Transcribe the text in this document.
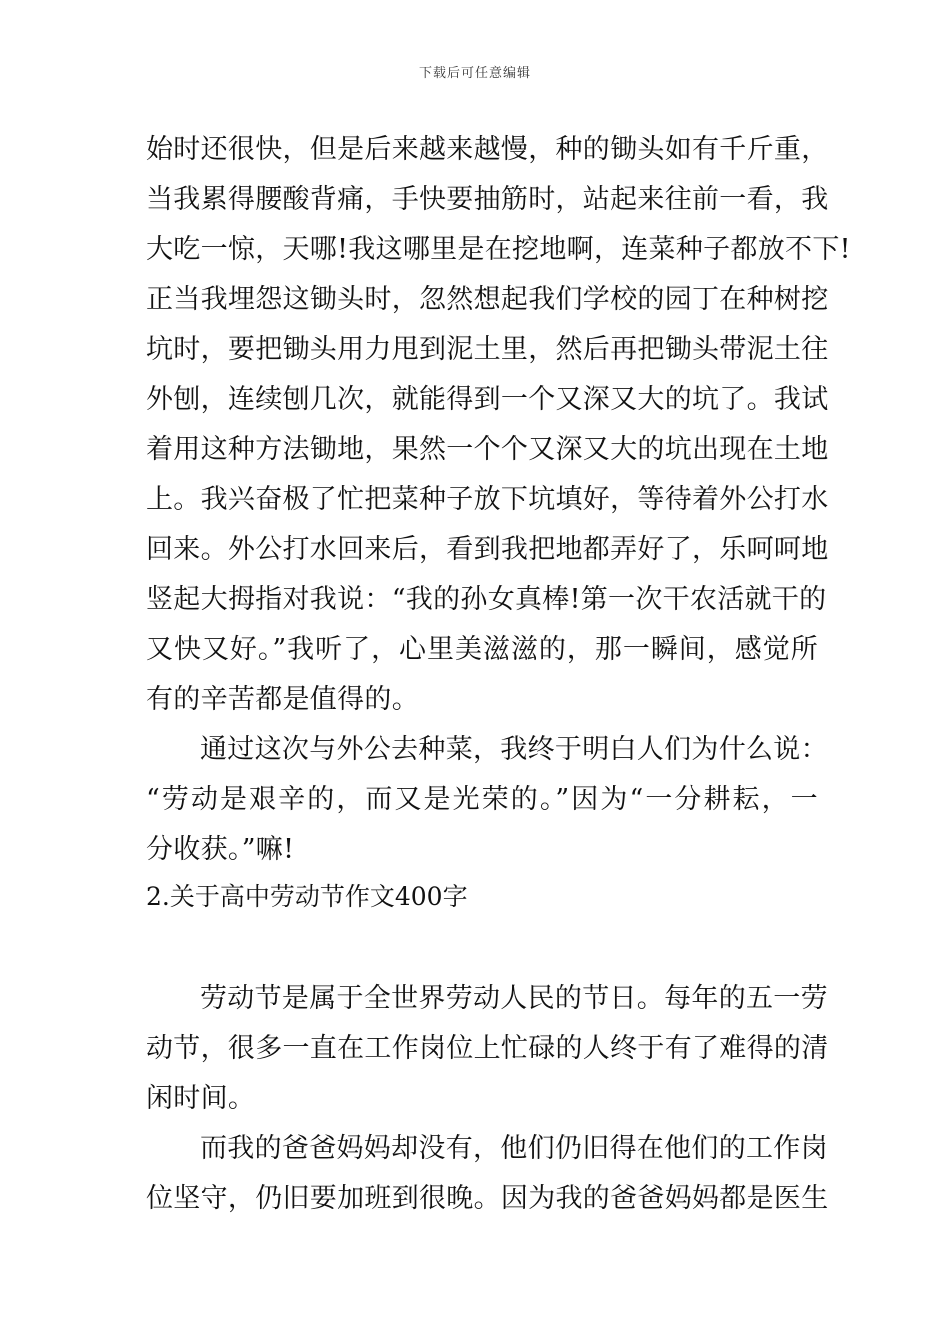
下载后可任意编辑
始时还很快，但是后来越来越慢，种的锄头如有千斤重，
当我累得腰酸背痛，手快要抽筋时，站起来往前一看，我
大吃一惊，天哪!我这哪里是在挖地啊，连菜种子都放不下!
正当我埋怨这锄头时，忽然想起我们学校的园丁在种树挖
坑时，要把锄头用力甩到泥土里，然后再把锄头带泥土往
外刨，连续刨几次，就能得到一个又深又大的坑了。我试
着用这种方法锄地，果然一个个又深又大的坑出现在土地
上。我兴奋极了忙把菜种子放下坑填好，等待着外公打水
回来。外公打水回来后，看到我把地都弄好了，乐呵呵地
竖起大拇指对我说：“我的孙女真棒!第一次干农活就干的
又快又好。”我听了，心里美滋滋的，那一瞬间，感觉所
有的辛苦都是值得的。
通过这次与外公去种菜，我终于明白人们为什么说：
“劳动是艰辛的，而又是光荣的。”因为“一分耕耘，一
分收获。”嘛!
2.关于高中劳动节作文400字
劳动节是属于全世界劳动人民的节日。每年的五一劳
动节，很多一直在工作岗位上忙碌的人终于有了难得的清
闲时间。
而我的爸爸妈妈却没有，他们仍旧得在他们的工作岗
位坚守，仍旧要加班到很晚。因为我的爸爸妈妈都是医生
